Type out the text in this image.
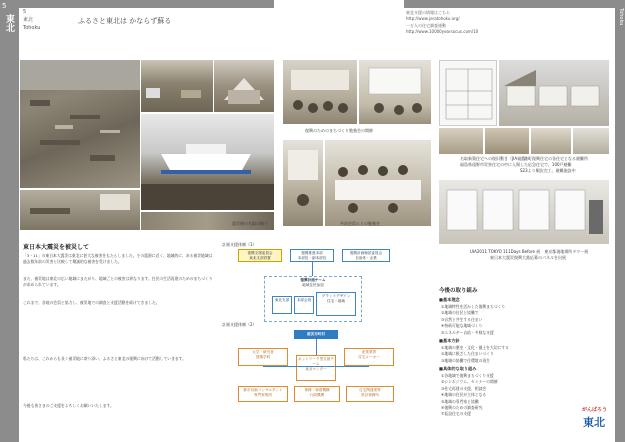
5
東北	Tohoku
5
東北
Tohoku
ふるさと東北は かならず蘇る
東北支援の情報はこちら
http://www.jeratohoku.org/
一万人の住宅調査運動
http://www.10000yearsocus.com/10
震災後の名取の様子
復興のためのまちづくり勉強会の開催
共同会員らとの勉強会
名取新築住宅への復旧動き（JIA福島）
三陸町復興住宅の各住宅となる避難所
福島県遠野市災害住宅の中に入場した応急住宅で、100戸避難
S23より順次完工、避難施設中
UIA2011 TOKYO 111Days Before 展　東京都現地場所タワー展
東日本大震災復興大賞応募のパネルを出展
東日本大震災を被災して

「3・11」の東日本大震災は東北に甚大な被害をもたらしました。その震源に近く、地域的に、ある被災地域は過去数年前の災害と比較して壊滅的な被害を受けました。

また、被災地は東北の広い地域にまたがり、地域ごとの被害は異なります。住民の生活再建のためのまちづくりが求められています。

これまで、各地の会員と協力し、被災地での調査と支援活動を続けてきました。

私たちは、これからも長く被災地に寄り添い、ふるさと東北の復興に向けて活動していきます。

今後も皆さまのご支援をよろしくお願いいたします。

計画支援体制（1）
復興支援委員会
東北支部設置
復興推進本部
本部長・副本部長
復興計画検討委員会
自治体・企業
復興計画チーム
地域住民参加
東北支部	本部会員
グランドデザイン
住宅・地域
計画支援体制（2）
被災市町村
大学・研究者
建築学科	ネットワーク型支援チーム
東北センター
産業業界
住宅メーカー
都市計画コンサルタント
専門家集団
事務・制度機構
行政機関
住宅関連業界
設計事務所
今後の取り組み
■基本理念
①地域特性を活かした復興まちづくり
②地域の住民と協働で
③自然と共生する住まい
④持続可能な地域づくり
⑤エネルギー自給・多様な支援
■基本方針
①地域の歴史・文化・風土を大切にする
②地域に根ざした住まいづくり
③地域の協働で住環境の再生
■具体的な取り組み
①各地域で復興まちづくり支援
②シンポジウム、セミナーの開催
③住宅再建の支援、相談会
④地域の住民が主体となる
⑤地域の専門家と協働
⑥復興のための調査研究
⑦仮設住宅の支援
がんばろう
東北
